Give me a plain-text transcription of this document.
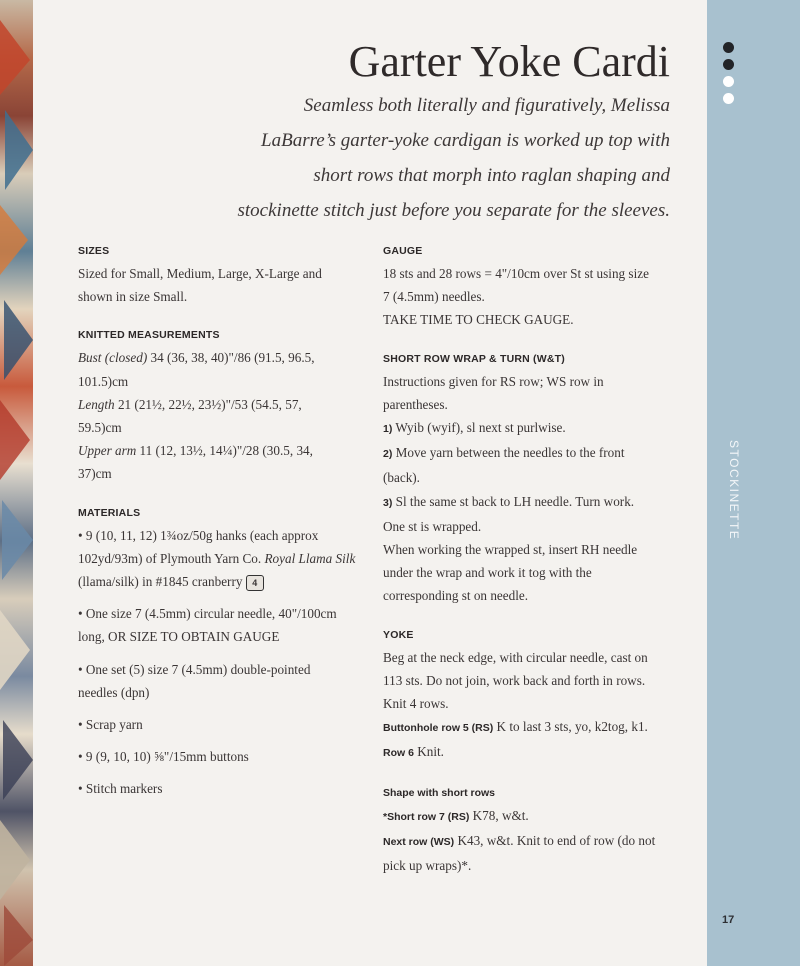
Garter Yoke Cardi

Seamless both literally and figuratively, Melissa

LaBarre’s garter-yoke cardigan is worked up top with

short rows that morph into raglan shaping and

stockinette stitch just before you separate for the sleeves.

SIZES

Sized for Small, Medium, Large, X-Large and

shown in size Small.

KNITTED MEASUREMENTS

Bust (closed) 34 (36, 38, 40)"/86 (91.5, 96.5,

101.5)cm

Length 21 (21½, 22½, 23½)"/53 (54.5, 57,

59.5)cm

Upper arm 11 (12, 13½, 14¼)"/28 (30.5, 34,

37)cm

MATERIALS

• 9 (10, 11, 12) 1¾oz/50g hanks (each approx

102yd/93m) of Plymouth Yarn Co. Royal Llama Silk

(llama/silk) in #1845 cranberry 4

• One size 7 (4.5mm) circular needle, 40"/100cm

long, OR SIZE TO OBTAIN GAUGE

• One set (5) size 7 (4.5mm) double-pointed

needles (dpn)

• Scrap yarn

• 9 (9, 10, 10) ⅝"/15mm buttons

• Stitch markers

GAUGE

18 sts and 28 rows = 4"/10cm over St st using size

7 (4.5mm) needles.

TAKE TIME TO CHECK GAUGE.

SHORT ROW WRAP & TURN (W&T)

Instructions given for RS row; WS row in

parentheses.

1) Wyib (wyif), sl next st purlwise.

2) Move yarn between the needles to the front

(back).

3) Sl the same st back to LH needle. Turn work.

One st is wrapped.

When working the wrapped st, insert RH needle

under the wrap and work it tog with the

corresponding st on needle.

YOKE

Beg at the neck edge, with circular needle, cast on

113 sts. Do not join, work back and forth in rows.

Knit 4 rows.

Buttonhole row 5 (RS) K to last 3 sts, yo, k2tog, k1.

Row 6 Knit.

Shape with short rows

*Short row 7 (RS) K78, w&t.

Next row (WS) K43, w&t. Knit to end of row (do not

pick up wraps)*.

STOCKINETTE
17
